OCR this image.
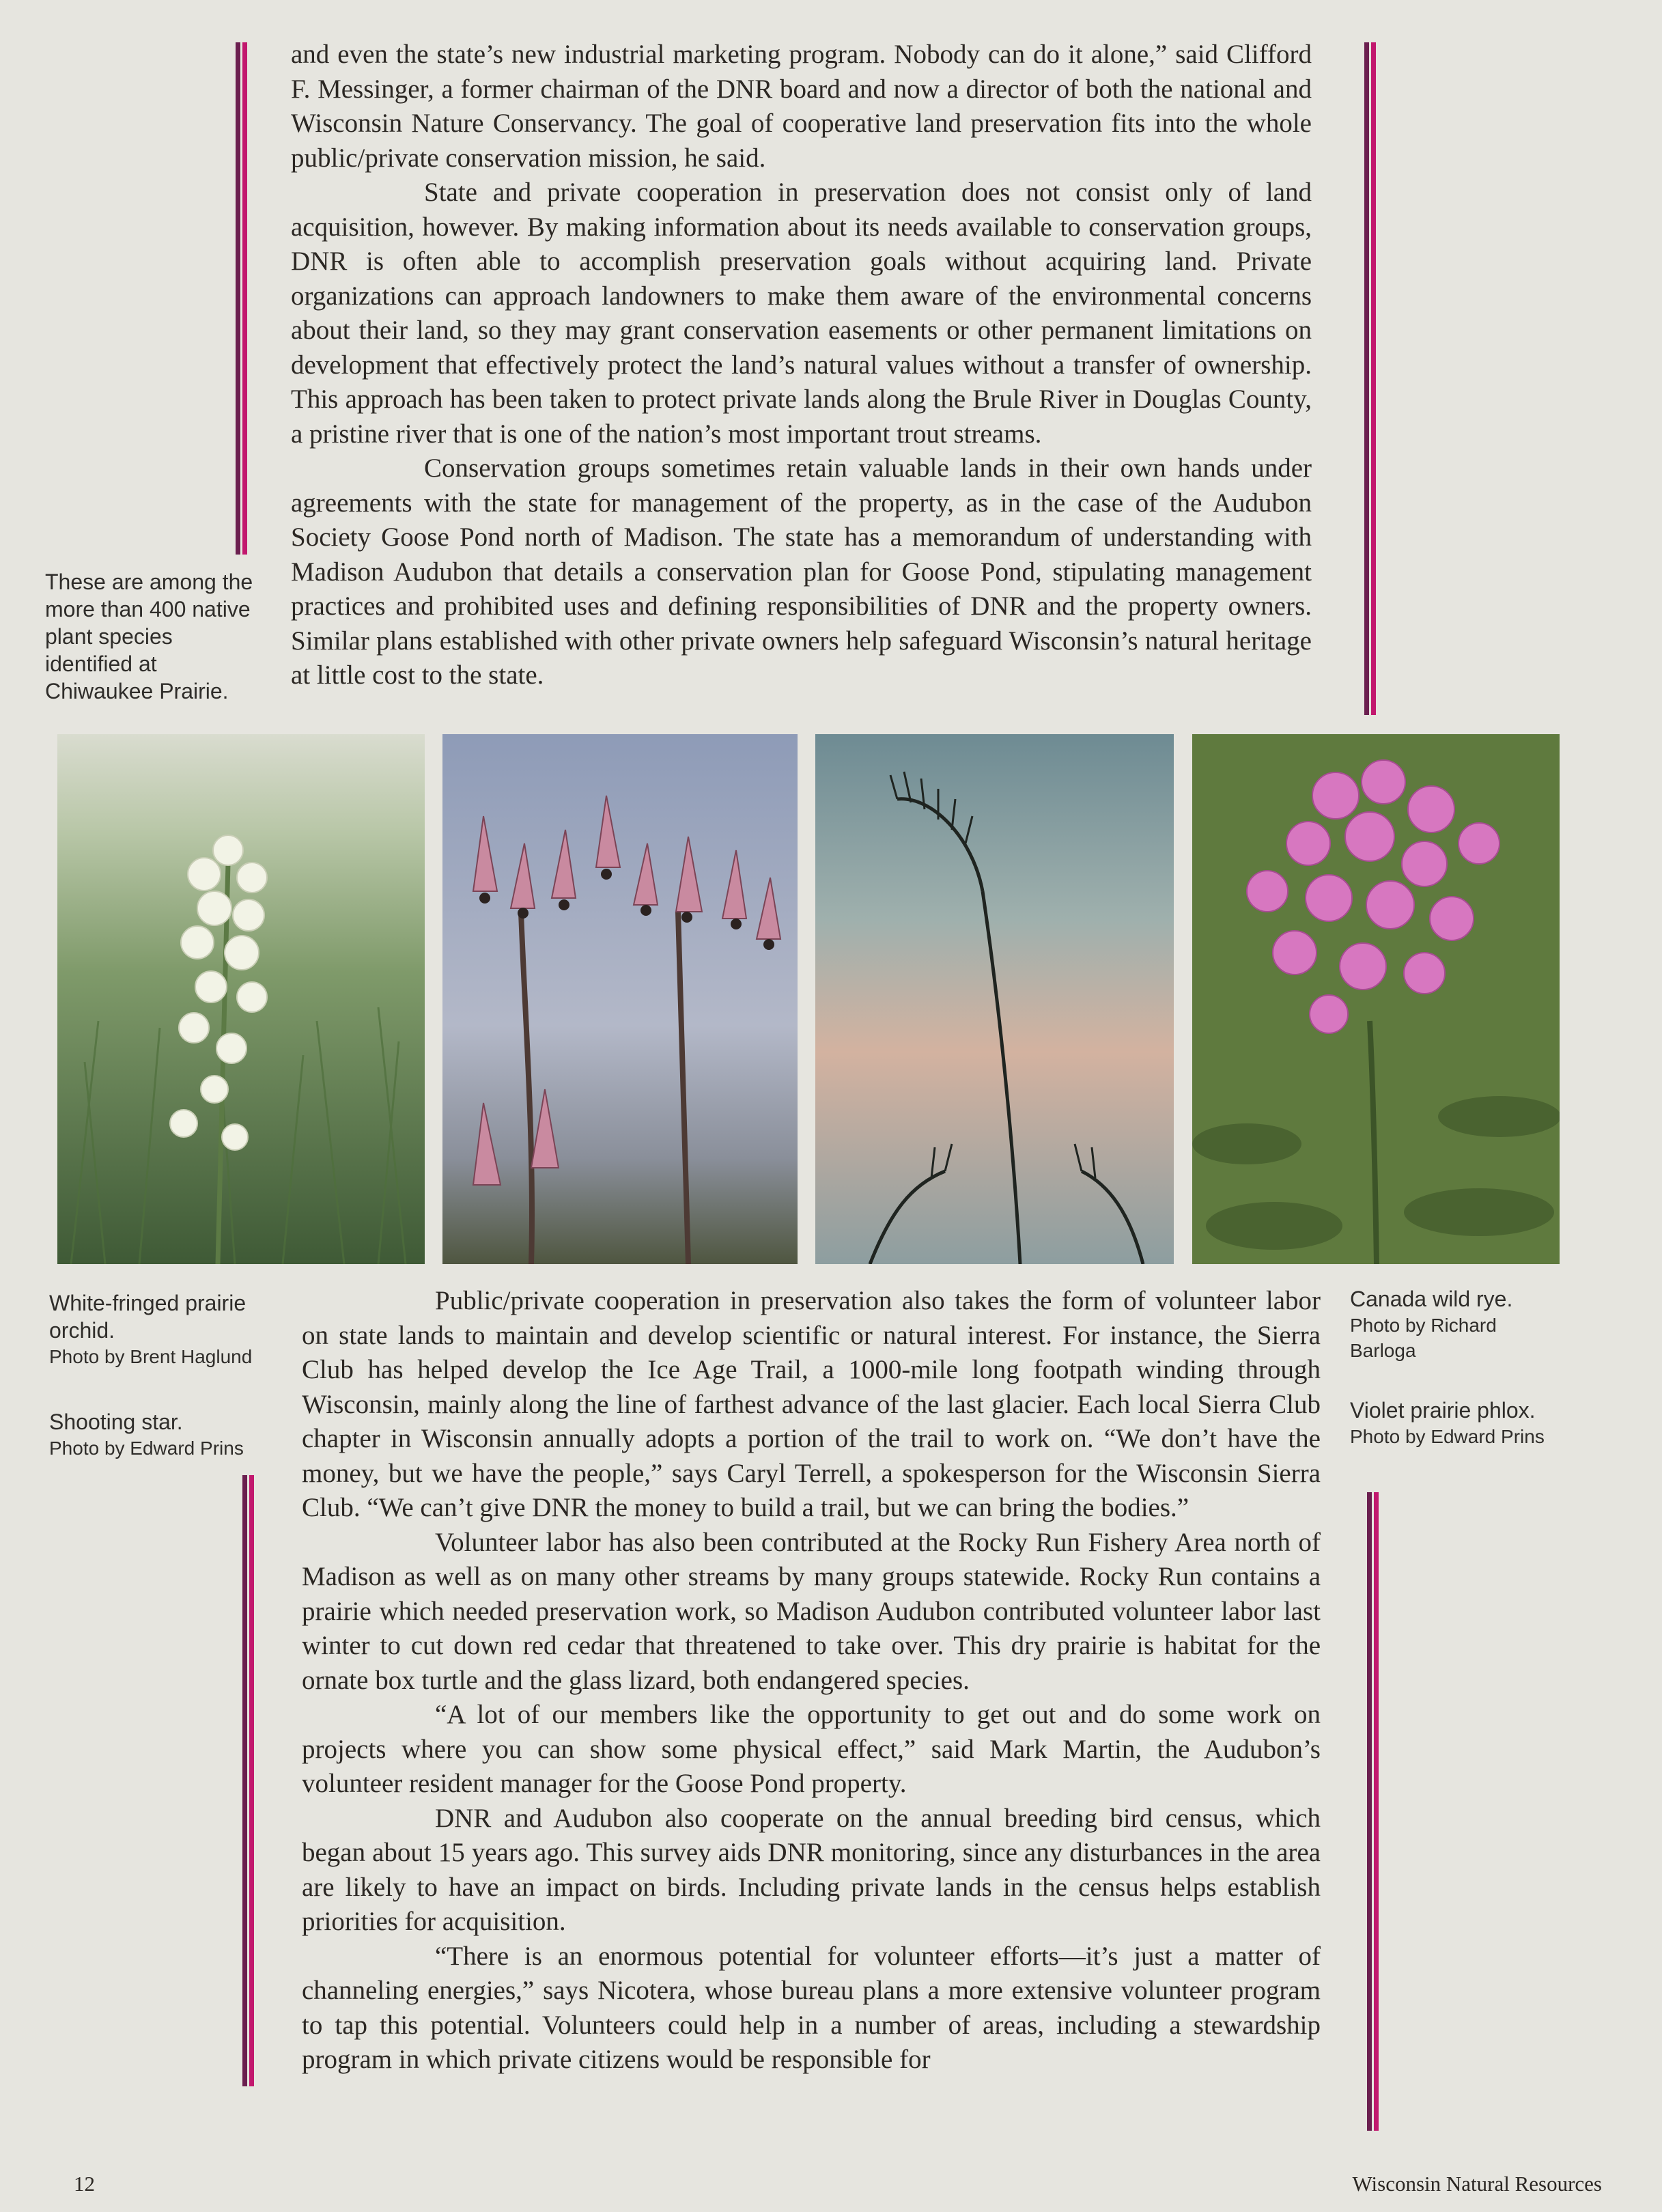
and even the state’s new industrial marketing program. Nobody can do it alone,” said Clifford F. Messinger, a former chairman of the DNR board and now a director of both the national and Wisconsin Nature Conservancy. The goal of cooperative land preservation fits into the whole public/private conservation mission, he said.

State and private cooperation in preservation does not consist only of land acquisition, however. By making information about its needs available to conservation groups, DNR is often able to accomplish preservation goals without acquiring land. Private organizations can approach landowners to make them aware of the environmental concerns about their land, so they may grant conservation easements or other permanent limitations on development that effectively protect the land’s natural values without a transfer of ownership. This approach has been taken to protect private lands along the Brule River in Douglas County, a pristine river that is one of the nation’s most important trout streams.

Conservation groups sometimes retain valuable lands in their own hands under agreements with the state for management of the property, as in the case of the Audubon Society Goose Pond north of Madison. The state has a memorandum of understanding with Madison Audubon that details a conservation plan for Goose Pond, stipulating management practices and prohibited uses and defining responsibilities of DNR and the property owners. Similar plans established with other private owners help safeguard Wisconsin’s natural heritage at little cost to the state.

These are among the
more than 400 native
plant species
identified at
Chiwaukee Prairie.
White-fringed prairie
orchid.
Photo by Brent Haglund
Shooting star.
Photo by Edward Prins
Canada wild rye.
Photo by Richard
Barloga
Violet prairie phlox.
Photo by Edward Prins

Public/private cooperation in preservation also takes the form of volunteer labor on state lands to maintain and develop scientific or natural interest. For instance, the Sierra Club has helped develop the Ice Age Trail, a 1000-mile long footpath winding through Wisconsin, mainly along the line of farthest advance of the last glacier. Each local Sierra Club chapter in Wisconsin annually adopts a portion of the trail to work on. “We don’t have the money, but we have the people,” says Caryl Terrell, a spokesperson for the Wisconsin Sierra Club. “We can’t give DNR the money to build a trail, but we can bring the bodies.”

Volunteer labor has also been contributed at the Rocky Run Fishery Area north of Madison as well as on many other streams by many groups statewide. Rocky Run contains a prairie which needed preservation work, so Madison Audubon contributed volunteer labor last winter to cut down red cedar that threatened to take over. This dry prairie is habitat for the ornate box turtle and the glass lizard, both endangered species.

“A lot of our members like the opportunity to get out and do some work on projects where you can show some physical effect,” said Mark Martin, the Audubon’s volunteer resident manager for the Goose Pond property.

DNR and Audubon also cooperate on the annual breeding bird census, which began about 15 years ago. This survey aids DNR monitoring, since any disturbances in the area are likely to have an impact on birds. Including private lands in the census helps establish priorities for acquisition.

“There is an enormous potential for volunteer efforts—it’s just a matter of channeling energies,” says Nicotera, whose bureau plans a more extensive volunteer program to tap this potential. Volunteers could help in a number of areas, including a stewardship program in which private citizens would be responsible for

12	Wisconsin Natural Resources
